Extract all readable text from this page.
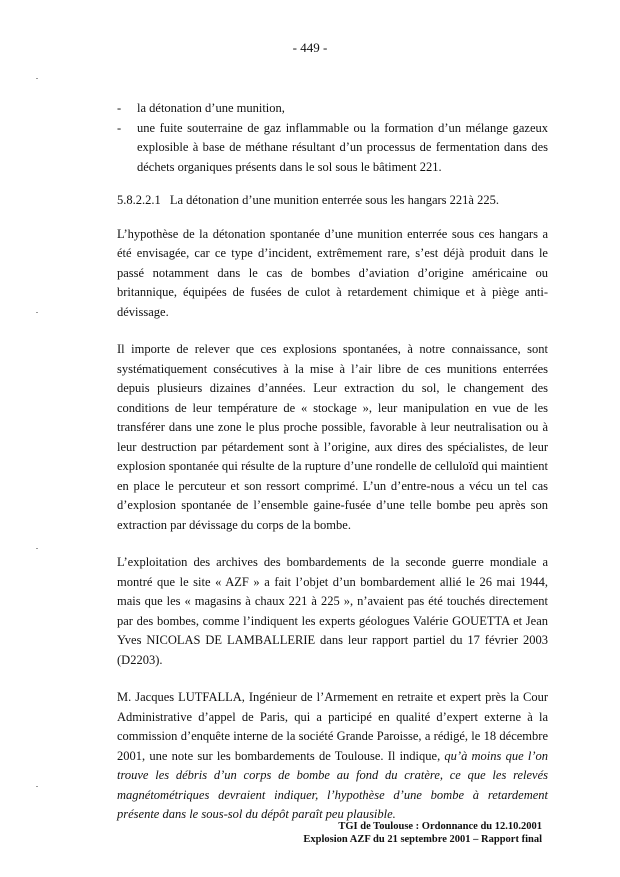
- 449 -
- la détonation d’une munition,
- une fuite souterraine de gaz inflammable ou la formation d’un mélange gazeux explosible à base de méthane résultant d’un processus de fermentation dans des déchets organiques présents dans le sol sous le bâtiment 221.
5.8.2.2.1 La détonation d’une munition enterrée sous les hangars 221à 225.

L’hypothèse de la détonation spontanée d’une munition enterrée sous ces hangars a été envisagée, car ce type d’incident, extrêmement rare, s’est déjà produit dans le passé notamment dans le cas de bombes d’aviation d’origine américaine ou britannique, équipées de fusées de culot à retardement chimique et à piège anti-dévissage.

Il importe de relever que ces explosions spontanées, à notre connaissance, sont systématiquement consécutives à la mise à l’air libre de ces munitions enterrées depuis plusieurs dizaines d’années. Leur extraction du sol, le changement des conditions de leur température de « stockage », leur manipulation en vue de les transférer dans une zone le plus proche possible, favorable à leur neutralisation ou à leur destruction par pétardement sont à l’origine, aux dires des spécialistes, de leur explosion spontanée qui résulte de la rupture d’une rondelle de celluloïd qui maintient en place le percuteur et son ressort comprimé. L’un d’entre-nous a vécu un tel cas d’explosion spontanée de l’ensemble gaine-fusée d’une telle bombe peu après son extraction par dévissage du corps de la bombe.

L’exploitation des archives des bombardements de la seconde guerre mondiale a montré que le site « AZF » a fait l’objet d’un bombardement allié le 26 mai 1944, mais que les « magasins à chaux 221 à 225 », n’avaient pas été touchés directement par des bombes, comme l’indiquent les experts géologues Valérie GOUETTA et Jean Yves NICOLAS DE LAMBALLERIE dans leur rapport partiel du 17 février 2003 (D2203).

M. Jacques LUTFALLA, Ingénieur de l’Armement en retraite et expert près la Cour Administrative d’appel de Paris, qui a participé en qualité d’expert externe à la commission d’enquête interne de la société Grande Paroisse, a rédigé, le 18 décembre 2001, une note sur les bombardements de Toulouse. Il indique, qu’à moins que l’on trouve les débris d’un corps de bombe au fond du cratère, ce que les relevés magnétométriques devraient indiquer, l’hypothèse d’une bombe à retardement présente dans le sous-sol du dépôt paraît peu plausible.

TGI de Toulouse : Ordonnance du 12.10.2001
Explosion AZF du 21 septembre 2001 – Rapport final
